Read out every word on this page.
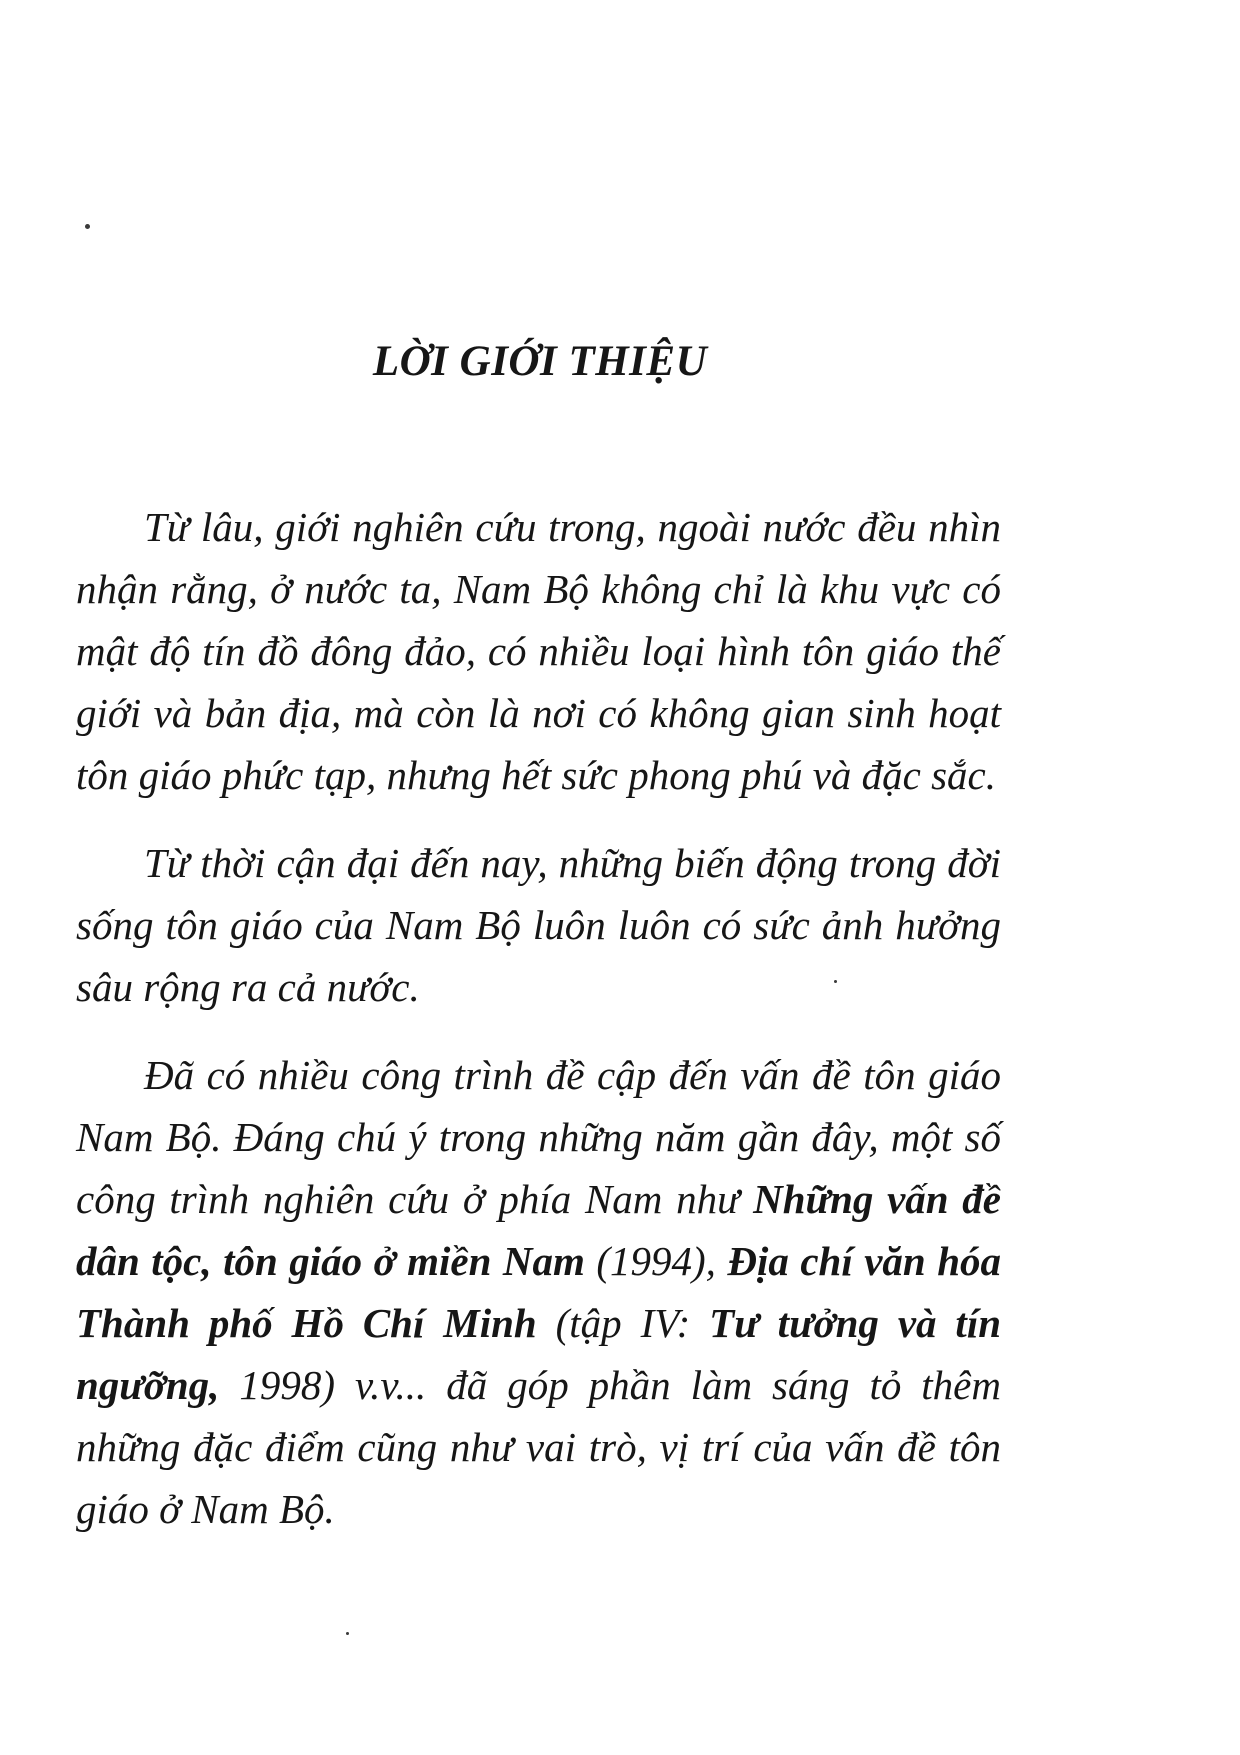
LỜI GIỚI THIỆU

Từ lâu, giới nghiên cứu trong, ngoài nước đều nhìn nhận rằng, ở nước ta, Nam Bộ không chỉ là khu vực có mật độ tín đồ đông đảo, có nhiều loại hình tôn giáo thế giới và bản địa, mà còn là nơi có không gian sinh hoạt tôn giáo phức tạp, nhưng hết sức phong phú và đặc sắc.

Từ thời cận đại đến nay, những biến động trong đời sống tôn giáo của Nam Bộ luôn luôn có sức ảnh hưởng sâu rộng ra cả nước.

Đã có nhiều công trình đề cập đến vấn đề tôn giáo Nam Bộ. Đáng chú ý trong những năm gần đây, một số công trình nghiên cứu ở phía Nam như Những vấn đề dân tộc, tôn giáo ở miền Nam (1994), Địa chí văn hóa Thành phố Hồ Chí Minh (tập IV: Tư tưởng và tín ngưỡng, 1998) v.v... đã góp phần làm sáng tỏ thêm những đặc điểm cũng như vai trò, vị trí của vấn đề tôn giáo ở Nam Bộ.
